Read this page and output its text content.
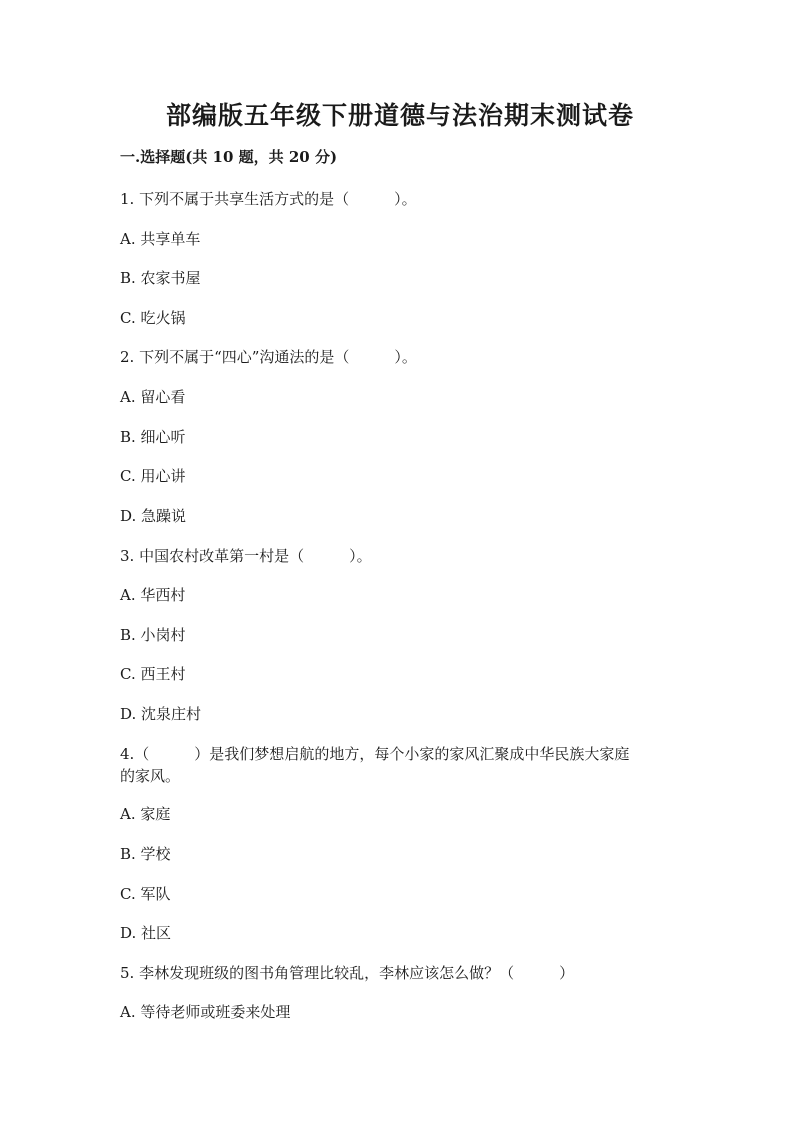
部编版五年级下册道德与法治期末测试卷

一.选择题(共 10 题，共 20 分)

1. 下列不属于共享生活方式的是（　　　）。

A. 共享单车

B. 农家书屋

C. 吃火锅

2. 下列不属于“四心”沟通法的是（　　　）。

A. 留心看

B. 细心听

C. 用心讲

D. 急躁说

3. 中国农村改革第一村是（　　　）。

A. 华西村

B. 小岗村

C. 西王村

D. 沈泉庄村

4.（　　　）是我们梦想启航的地方，每个小家的家风汇聚成中华民族大家庭

的家风。

A. 家庭

B. 学校

C. 军队

D. 社区

5. 李林发现班级的图书角管理比较乱，李林应该怎么做？（　　　）

A. 等待老师或班委来处理
